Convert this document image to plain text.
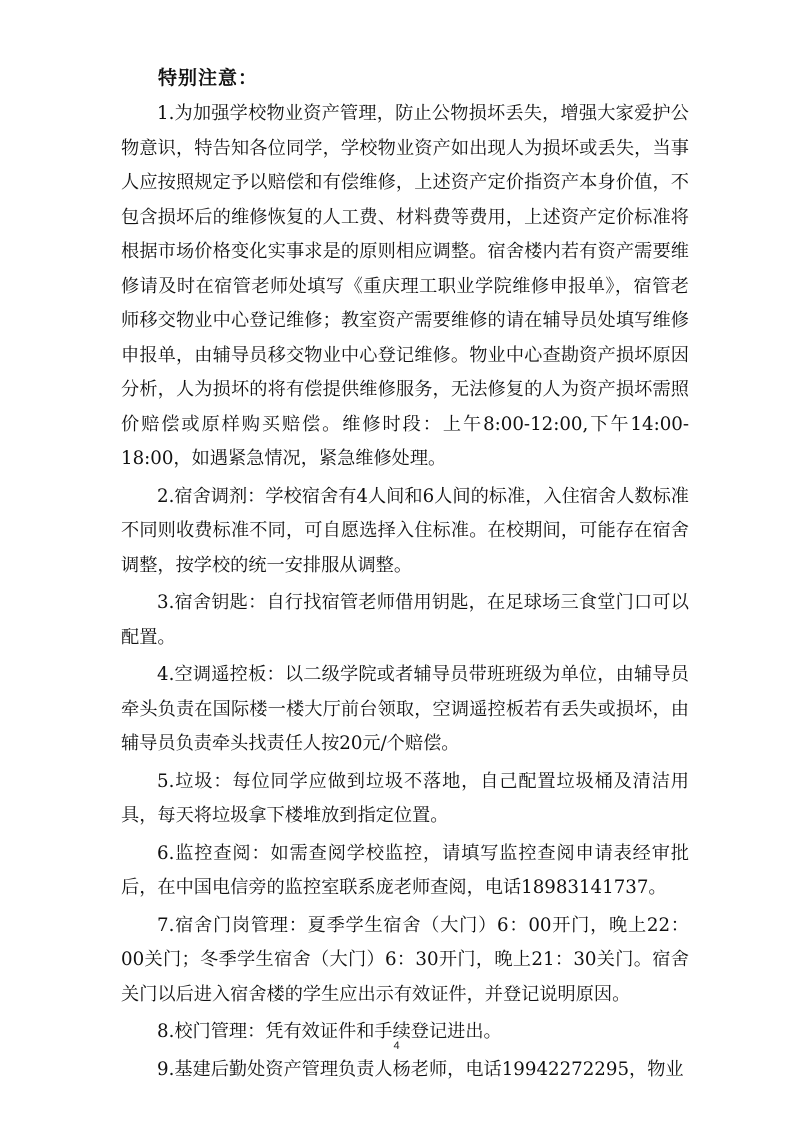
特别注意：

1.为加强学校物业资产管理，防止公物损坏丢失，增强大家爱护公物意识，特告知各位同学，学校物业资产如出现人为损坏或丢失，当事人应按照规定予以赔偿和有偿维修，上述资产定价指资产本身价值，不包含损坏后的维修恢复的人工费、材料费等费用，上述资产定价标准将根据市场价格变化实事求是的原则相应调整。宿舍楼内若有资产需要维修请及时在宿管老师处填写《重庆理工职业学院维修申报单》，宿管老师移交物业中心登记维修；教室资产需要维修的请在辅导员处填写维修申报单，由辅导员移交物业中心登记维修。物业中心查勘资产损坏原因分析，人为损坏的将有偿提供维修服务，无法修复的人为资产损坏需照价赔偿或原样购买赔偿。维修时段：上午8:00-12:00,下午14:00-18:00，如遇紧急情况，紧急维修处理。

2.宿舍调剂：学校宿舍有4人间和6人间的标准，入住宿舍人数标准不同则收费标准不同，可自愿选择入住标准。在校期间，可能存在宿舍调整，按学校的统一安排服从调整。

3.宿舍钥匙：自行找宿管老师借用钥匙，在足球场三食堂门口可以配置。

4.空调遥控板：以二级学院或者辅导员带班班级为单位，由辅导员牵头负责在国际楼一楼大厅前台领取，空调遥控板若有丢失或损坏，由辅导员负责牵头找责任人按20元/个赔偿。

5.垃圾：每位同学应做到垃圾不落地，自己配置垃圾桶及清洁用具，每天将垃圾拿下楼堆放到指定位置。

6.监控查阅：如需查阅学校监控，请填写监控查阅申请表经审批后，在中国电信旁的监控室联系庞老师查阅，电话18983141737。

7.宿舍门岗管理：夏季学生宿舍（大门）6：00开门，晚上22：00关门；冬季学生宿舍（大门）6：30开门，晚上21：30关门。宿舍关门以后进入宿舍楼的学生应出示有效证件，并登记说明原因。

8.校门管理：凭有效证件和手续登记进出。

9.基建后勤处资产管理负责人杨老师，电话19942272295，物业

4
